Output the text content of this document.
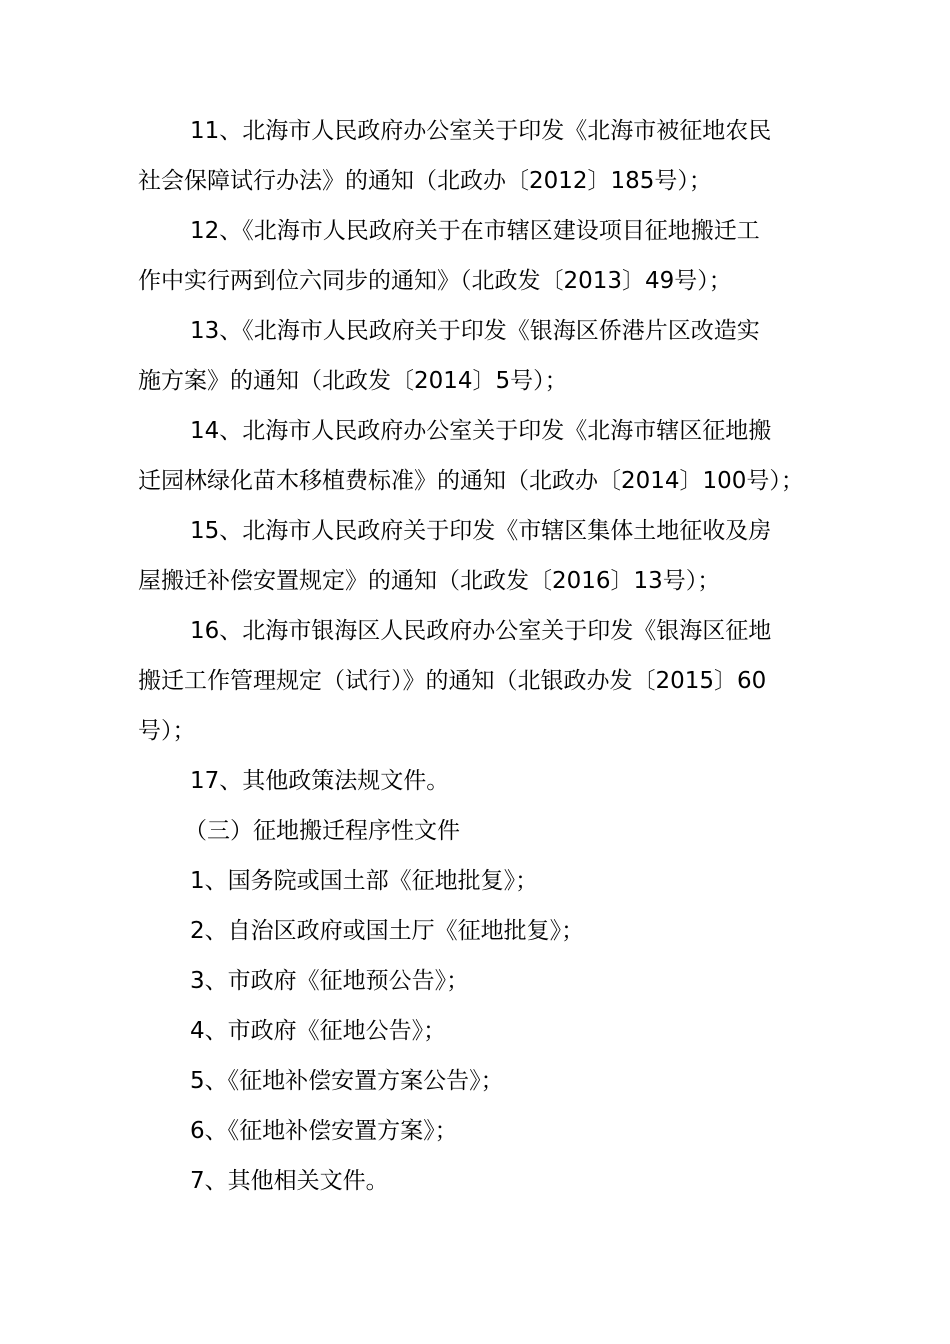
11、北海市人民政府办公室关于印发《北海市被征地农民

社会保障试行办法》的通知（北政办〔2012〕185号）；

12、《北海市人民政府关于在市辖区建设项目征地搬迁工

作中实行两到位六同步的通知》（北政发〔2013〕49号）；

13、《北海市人民政府关于印发《银海区侨港片区改造实

施方案》的通知（北政发〔2014〕5号）；

14、北海市人民政府办公室关于印发《北海市辖区征地搬

迁园林绿化苗木移植费标准》的通知（北政办〔2014〕100号）；

15、北海市人民政府关于印发《市辖区集体土地征收及房

屋搬迁补偿安置规定》的通知（北政发〔2016〕13号）；

16、北海市银海区人民政府办公室关于印发《银海区征地

搬迁工作管理规定（试行）》的通知（北银政办发〔2015〕60

号）；

17、其他政策法规文件。

（三）征地搬迁程序性文件

1、国务院或国土部《征地批复》；

2、自治区政府或国土厅《征地批复》；

3、市政府《征地预公告》；

4、市政府《征地公告》；

5、《征地补偿安置方案公告》；

6、《征地补偿安置方案》；

7、其他相关文件。
